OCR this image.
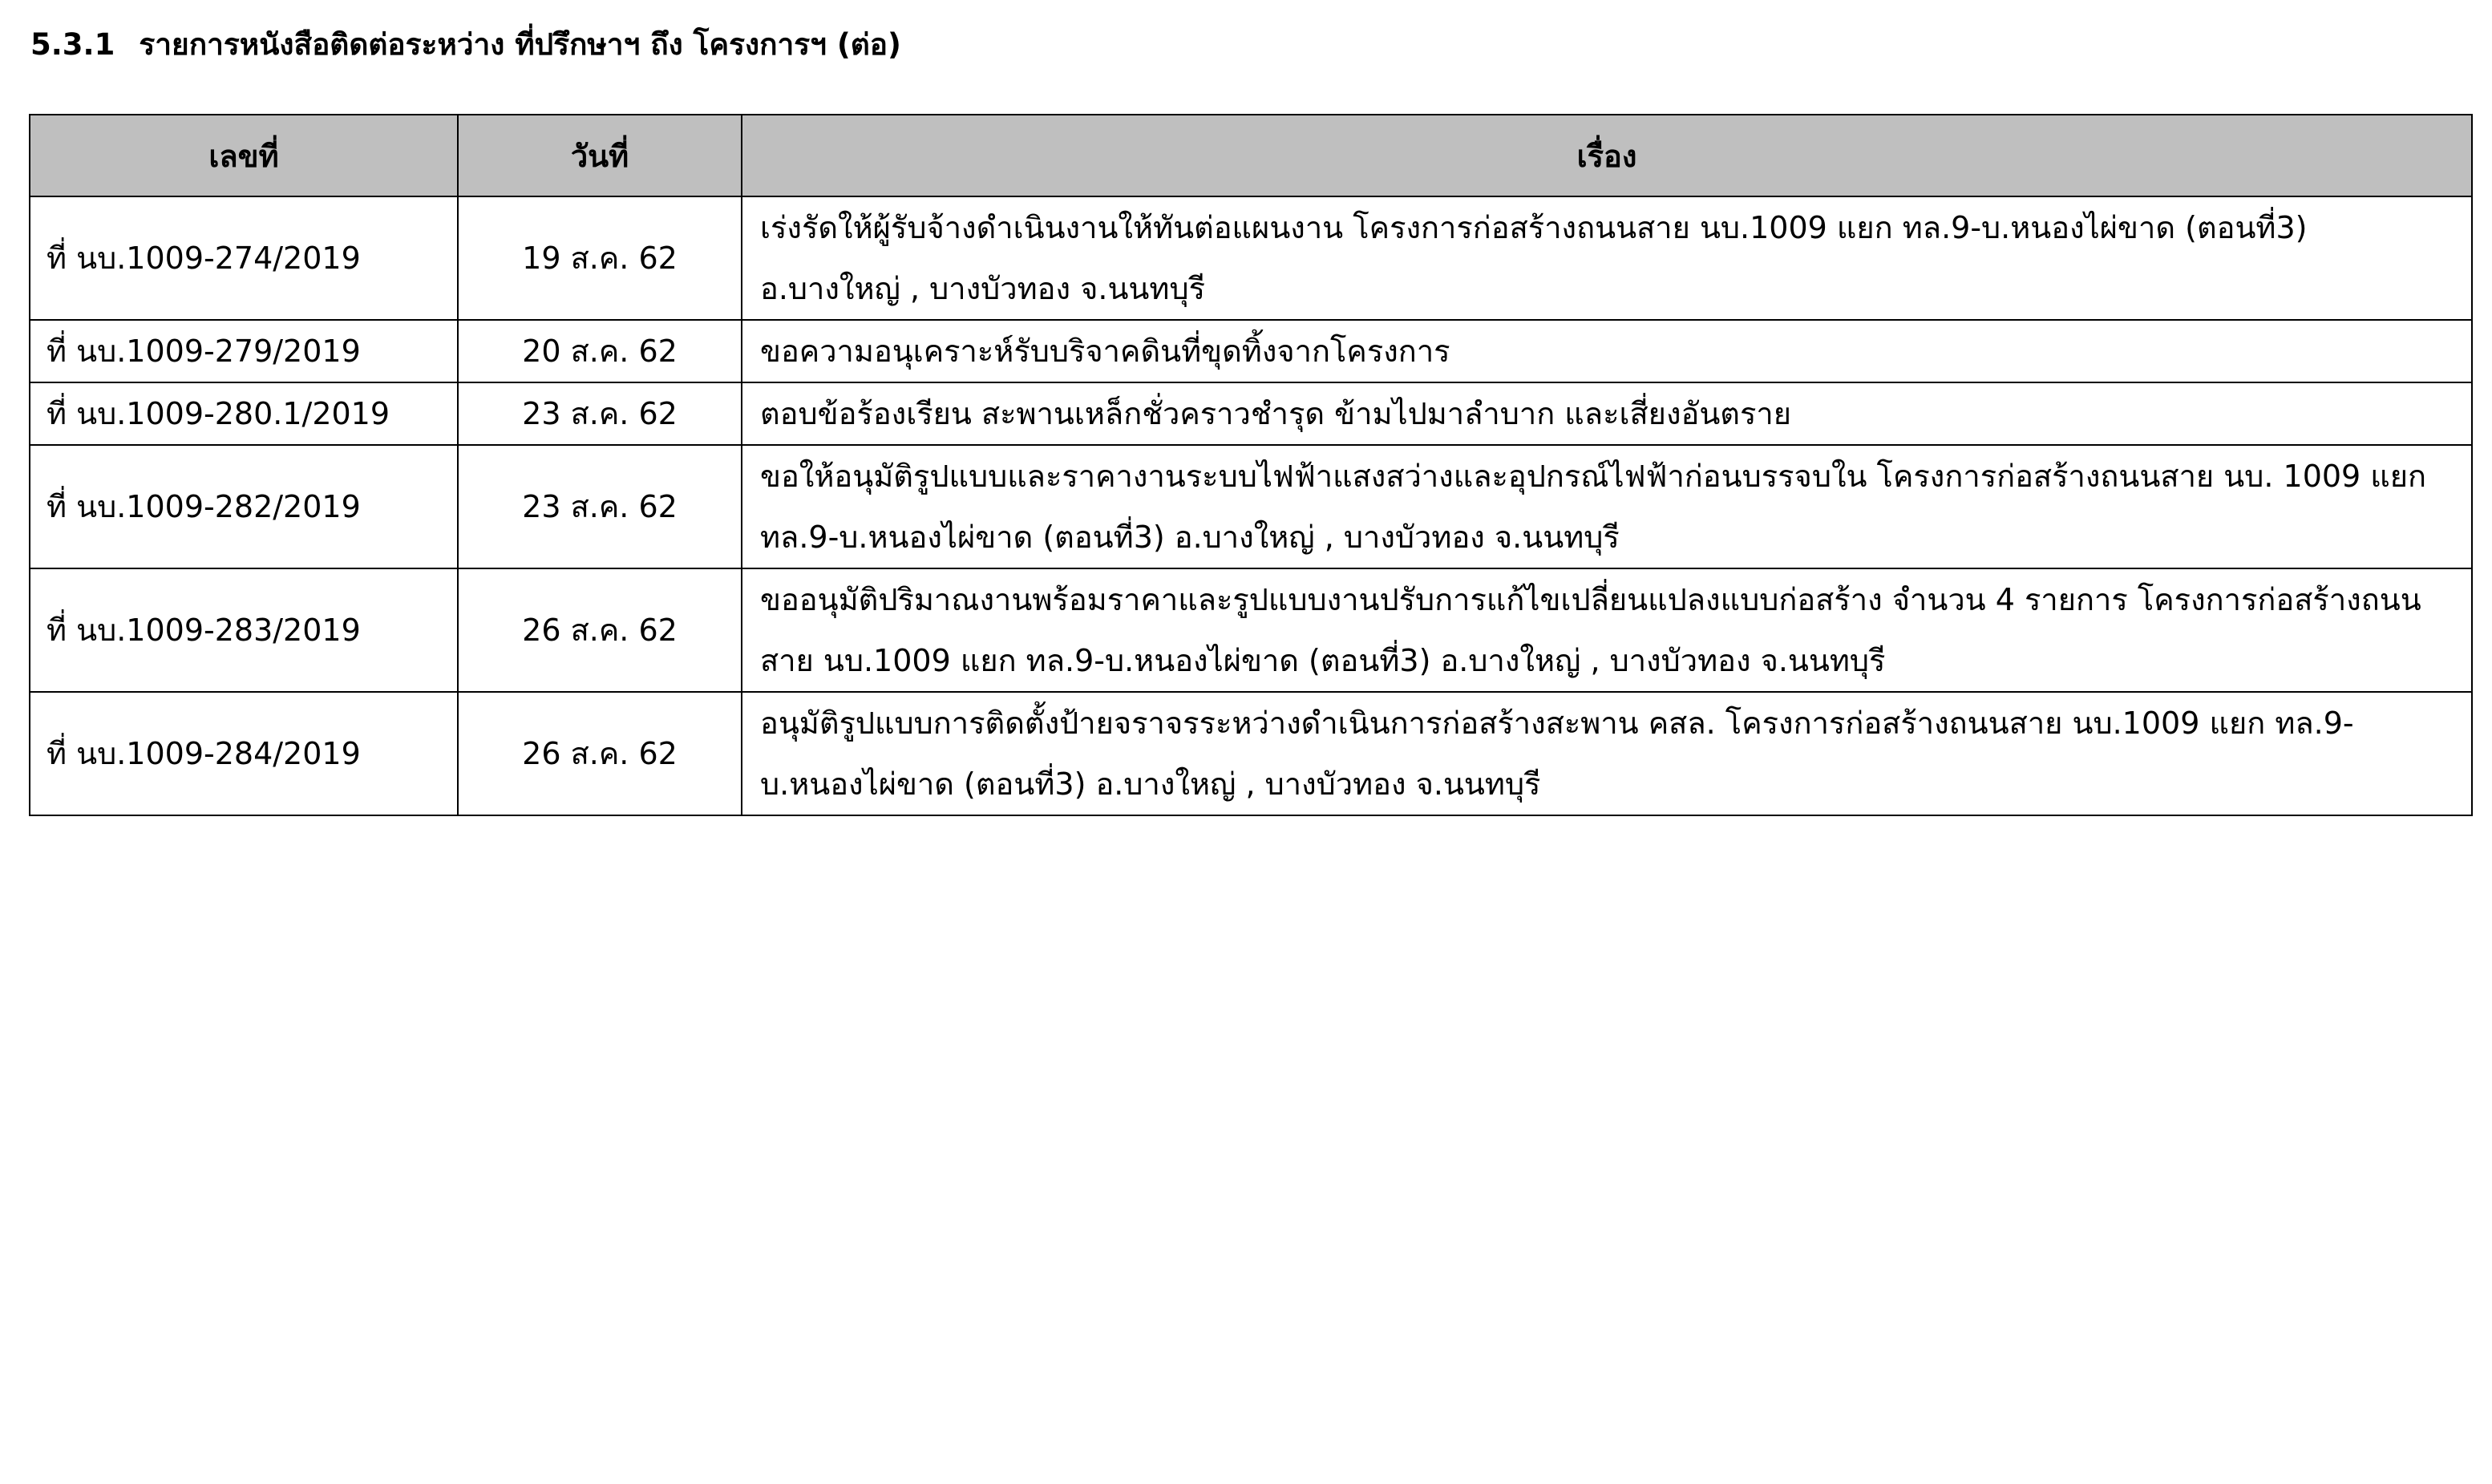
5.3.1 รายการหนังสือติดต่อระหว่าง ที่ปรึกษาฯ ถึง โครงการฯ (ต่อ)
เลขที่	วันที่	เรื่อง
ที่ นบ.1009-274/2019	19 ส.ค. 62	เร่งรัดให้ผู้รับจ้างดำเนินงานให้ทันต่อแผนงาน โครงการก่อสร้างถนนสาย นบ.1009 แยก ทล.9-บ.หนองไผ่ขาด (ตอนที่3) อ.บางใหญ่ , บางบัวทอง จ.นนทบุรี

ที่ นบ.1009-279/2019	20 ส.ค. 62	ขอความอนุเคราะห์รับบริจาคดินที่ขุดทิ้งจากโครงการ

ที่ นบ.1009-280.1/2019	23 ส.ค. 62	ตอบข้อร้องเรียน สะพานเหล็กชั่วคราวชำรุด ข้ามไปมาลำบาก และเสี่ยงอันตราย

ที่ นบ.1009-282/2019	23 ส.ค. 62	ขอให้อนุมัติรูปแบบและราคางานระบบไฟฟ้าแสงสว่างและอุปกรณ์ไฟฟ้าก่อนบรรจบใน โครงการก่อสร้างถนนสาย นบ. 1009 แยก ทล.9-บ.หนองไผ่ขาด (ตอนที่3) อ.บางใหญ่ , บางบัวทอง จ.นนทบุรี

ที่ นบ.1009-283/2019	26 ส.ค. 62	ขออนุมัติปริมาณงานพร้อมราคาและรูปแบบงานปรับการแก้ไขเปลี่ยนแปลงแบบก่อสร้าง จำนวน 4 รายการ โครงการก่อสร้างถนนสาย นบ.1009 แยก ทล.9-บ.หนองไผ่ขาด (ตอนที่3) อ.บางใหญ่ , บางบัวทอง จ.นนทบุรี

ที่ นบ.1009-284/2019	26 ส.ค. 62	อนุมัติรูปแบบการติดตั้งป้ายจราจรระหว่างดำเนินการก่อสร้างสะพาน คสล. โครงการก่อสร้างถนนสาย นบ.1009 แยก ทล.9-บ.หนองไผ่ขาด (ตอนที่3) อ.บางใหญ่ , บางบัวทอง จ.นนทบุรี
